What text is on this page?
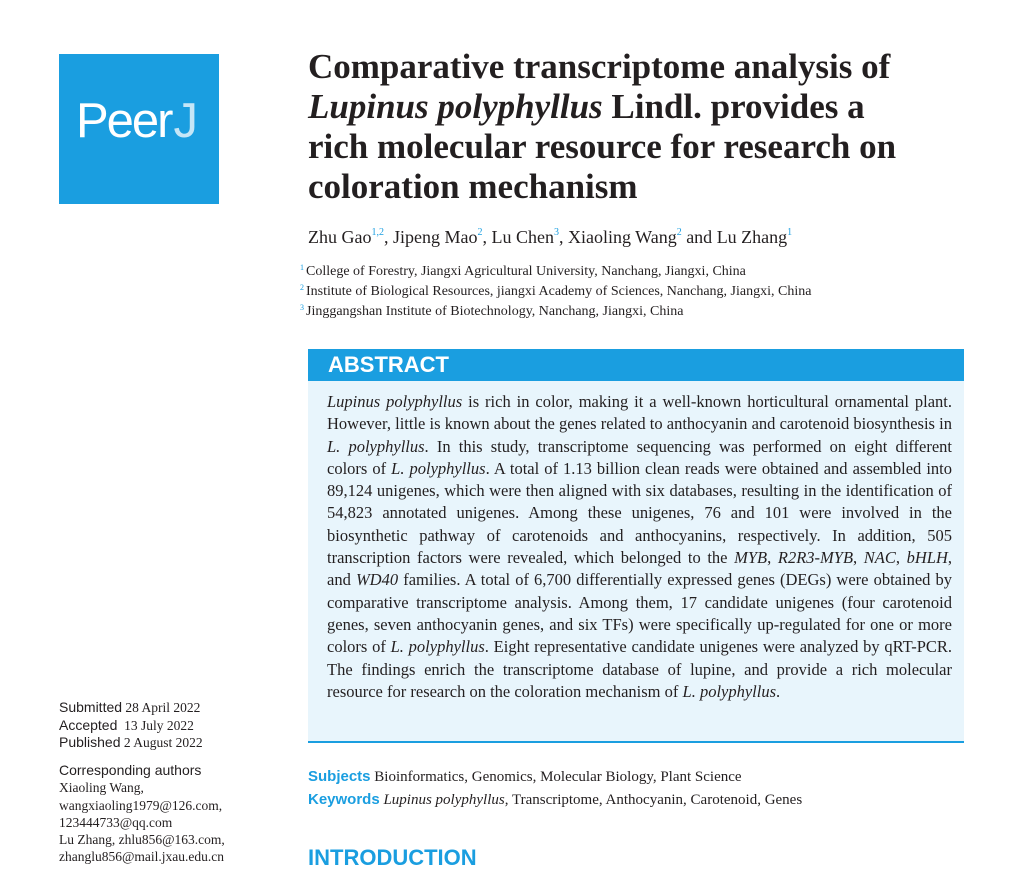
PeerJ
Comparative transcriptome analysis of
Lupinus polyphyllus Lindl. provides a
rich molecular resource for research on
coloration mechanism
Zhu Gao$^{1,2}$, Jipeng Mao$^2$, Lu Chen$^3$, Xiaoling Wang$^2$ and Lu Zhang$^1$
$^1$ College of Forestry, Jiangxi Agricultural University, Nanchang, Jiangxi, China
$^2$ Institute of Biological Resources, jiangxi Academy of Sciences, Nanchang, Jiangxi, China
$^3$ Jinggangshan Institute of Biotechnology, Nanchang, Jiangxi, China
ABSTRACT
Lupinus polyphyllus is rich in color, making it a well-known horticultural ornamental plant. However, little is known about the genes related to anthocyanin and carotenoid biosynthesis in L. polyphyllus. In this study, transcriptome sequencing was performed on eight different colors of L. polyphyllus. A total of 1.13 billion clean reads were obtained and assembled into 89,124 unigenes, which were then aligned with six databases, resulting in the identification of 54,823 annotated unigenes. Among these unigenes, 76 and 101 were involved in the biosynthetic pathway of carotenoids and anthocyanins, respectively. In addition, 505 transcription factors were revealed, which belonged to the MYB, R2R3-MYB, NAC, bHLH, and WD40 families. A total of 6,700 differentially expressed genes (DEGs) were obtained by comparative transcriptome analysis. Among them, 17 candidate unigenes (four carotenoid genes, seven anthocyanin genes, and six TFs) were specifically up-regulated for one or more colors of L. polyphyllus. Eight representative candidate unigenes were analyzed by qRT-PCR. The findings enrich the transcriptome database of lupine, and provide a rich molecular resource for research on the coloration mechanism of L. polyphyllus.
Subjects Bioinformatics, Genomics, Molecular Biology, Plant Science
Keywords Lupinus polyphyllus, Transcriptome, Anthocyanin, Carotenoid, Genes
INTRODUCTION
Submitted 28 April 2022
Accepted 13 July 2022
Published 2 August 2022
Corresponding authors
Xiaoling Wang,
wangxiaoling1979@126.com,
123444733@qq.com
Lu Zhang, zhlu856@163.com,
zhanglu856@mail.jxau.edu.cn
